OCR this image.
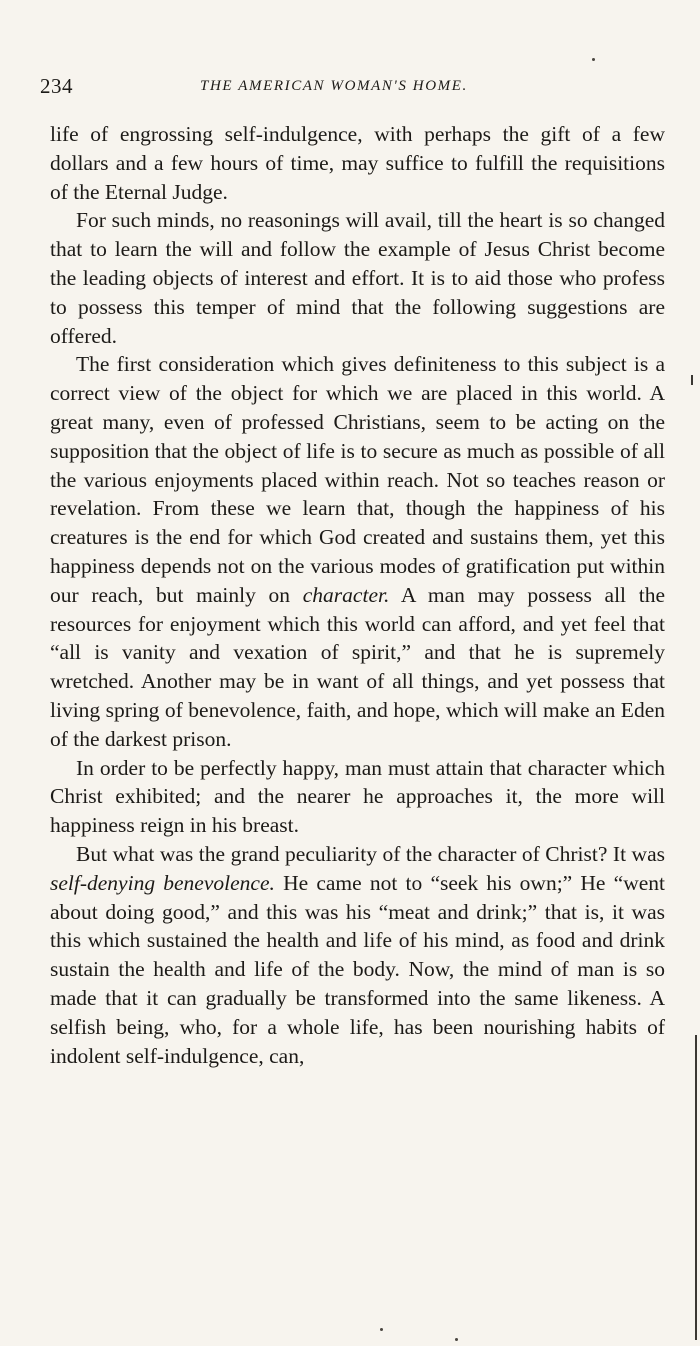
234	THE AMERICAN WOMAN'S HOME.

life of engrossing self-indulgence, with perhaps the gift of a few dollars and a few hours of time, may suffice to fulfill the requisitions of the Eternal Judge.

For such minds, no reasonings will avail, till the heart is so changed that to learn the will and follow the example of Jesus Christ become the leading objects of interest and effort. It is to aid those who profess to possess this temper of mind that the following suggestions are offered.

The first consideration which gives definiteness to this subject is a correct view of the object for which we are placed in this world. A great many, even of professed Christians, seem to be acting on the supposition that the object of life is to secure as much as possible of all the various enjoyments placed within reach. Not so teaches reason or revelation. From these we learn that, though the happiness of his creatures is the end for which God created and sustains them, yet this happiness depends not on the various modes of gratification put within our reach, but mainly on character. A man may possess all the resources for enjoyment which this world can afford, and yet feel that “all is vanity and vexation of spirit,” and that he is supremely wretched. Another may be in want of all things, and yet possess that living spring of benevolence, faith, and hope, which will make an Eden of the darkest prison.

In order to be perfectly happy, man must attain that character which Christ exhibited; and the nearer he approaches it, the more will happiness reign in his breast.

But what was the grand peculiarity of the character of Christ? It was self-denying benevolence. He came not to “seek his own;” He “went about doing good,” and this was his “meat and drink;” that is, it was this which sustained the health and life of his mind, as food and drink sustain the health and life of the body. Now, the mind of man is so made that it can gradually be transformed into the same likeness. A selfish being, who, for a whole life, has been nourishing habits of indolent self-indulgence, can,
